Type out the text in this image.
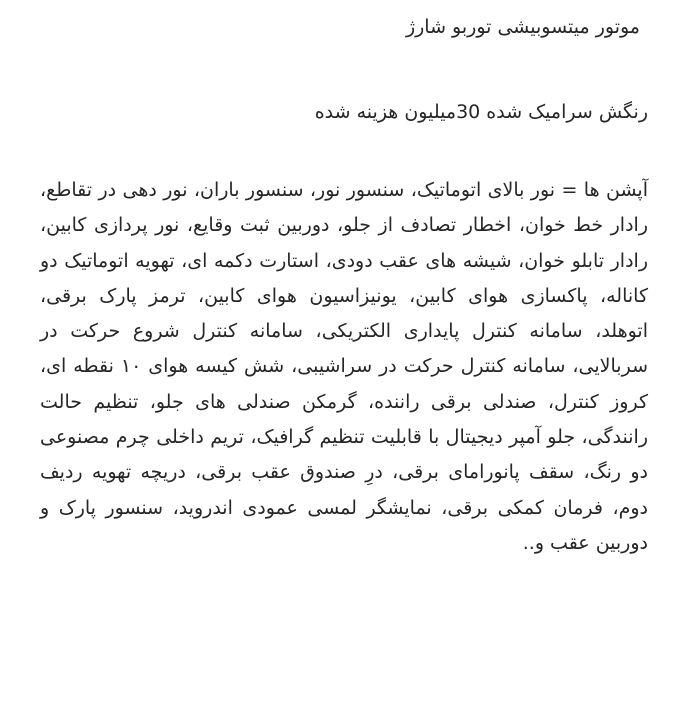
موتور میتسوبیشی توربو شارژ
رنگش سرامیک شده 30میلیون هزینه شده

آپشن ها = نور بالای اتوماتیک، سنسور نور، سنسور باران، نور دهی در تقاطع، رادار خط خوان، اخطار تصادف از جلو، دوربین ثبت وقایع، نور پردازی کابین، رادار تابلو خوان، شیشه های عقب دودی، استارت دکمه ای، تهویه اتوماتیک دو کاناله، پاکسازی هوای کابین، یونیزاسیون هوای کابین، ترمز پارک برقی، اتوهلد، سامانه کنترل پایداری الکتریکی، سامانه کنترل شروع حرکت در سربالایی، سامانه کنترل حرکت در سراشیبی، شش کیسه هوای ۱۰ نقطه ای، کروز کنترل، صندلی برقی راننده، گرمکن صندلی های جلو، تنظیم حالت رانندگی، جلو آمپر دیجیتال با قابلیت تنظیم گرافیک، تریم داخلی چرم مصنوعی دو رنگ، سقف پانورامای برقی، درِ صندوق عقب برقی، دریچه تهویه ردیف دوم، فرمان کمکی برقی، نمایشگر لمسی عمودی اندروید، سنسور پارک و دوربین عقب و..
